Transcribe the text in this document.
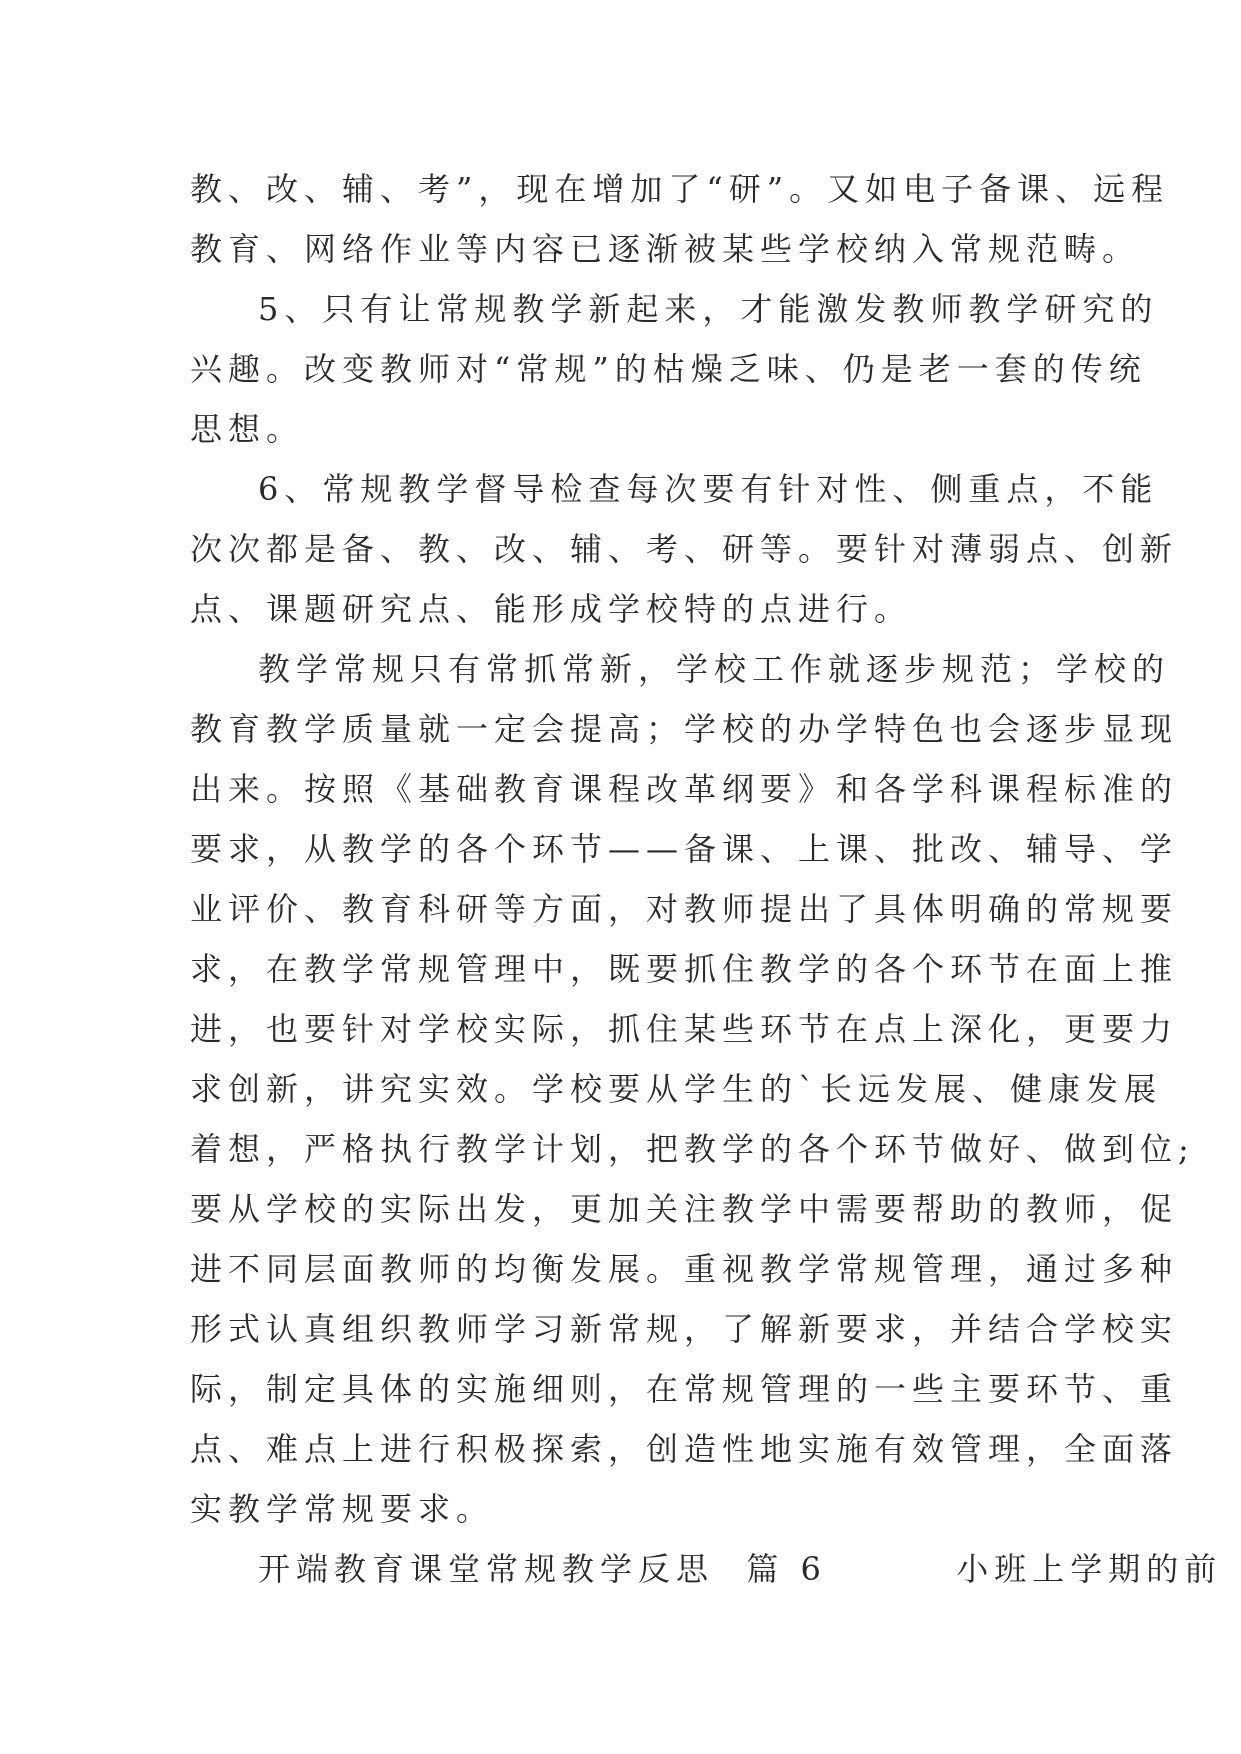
教、改、辅、考”，现在增加了“研”。又如电子备课、远程
教育、网络作业等内容已逐渐被某些学校纳入常规范畴。
5、只有让常规教学新起来，才能激发教师教学研究的
兴趣。改变教师对“常规”的枯燥乏味、仍是老一套的传统
思想。
6、常规教学督导检查每次要有针对性、侧重点，不能
次次都是备、教、改、辅、考、研等。要针对薄弱点、创新
点、课题研究点、能形成学校特的点进行。
教学常规只有常抓常新，学校工作就逐步规范；学校的
教育教学质量就一定会提高；学校的办学特色也会逐步显现
出来。按照《基础教育课程改革纲要》和各学科课程标准的
要求，从教学的各个环节——备课、上课、批改、辅导、学
业评价、教育科研等方面，对教师提出了具体明确的常规要
求，在教学常规管理中，既要抓住教学的各个环节在面上推
进，也要针对学校实际，抓住某些环节在点上深化，更要力
求创新，讲究实效。学校要从学生的`长远发展、健康发展
着想，严格执行教学计划，把教学的各个环节做好、做到位;
要从学校的实际出发，更加关注教学中需要帮助的教师，促
进不同层面教师的均衡发展。重视教学常规管理，通过多种
形式认真组织教师学习新常规，了解新要求，并结合学校实
际，制定具体的实施细则，在常规管理的一些主要环节、重
点、难点上进行积极探索，创造性地实施有效管理，全面落
实教学常规要求。
开端教育课堂常规教学反思  篇 6        小班上学期的前
